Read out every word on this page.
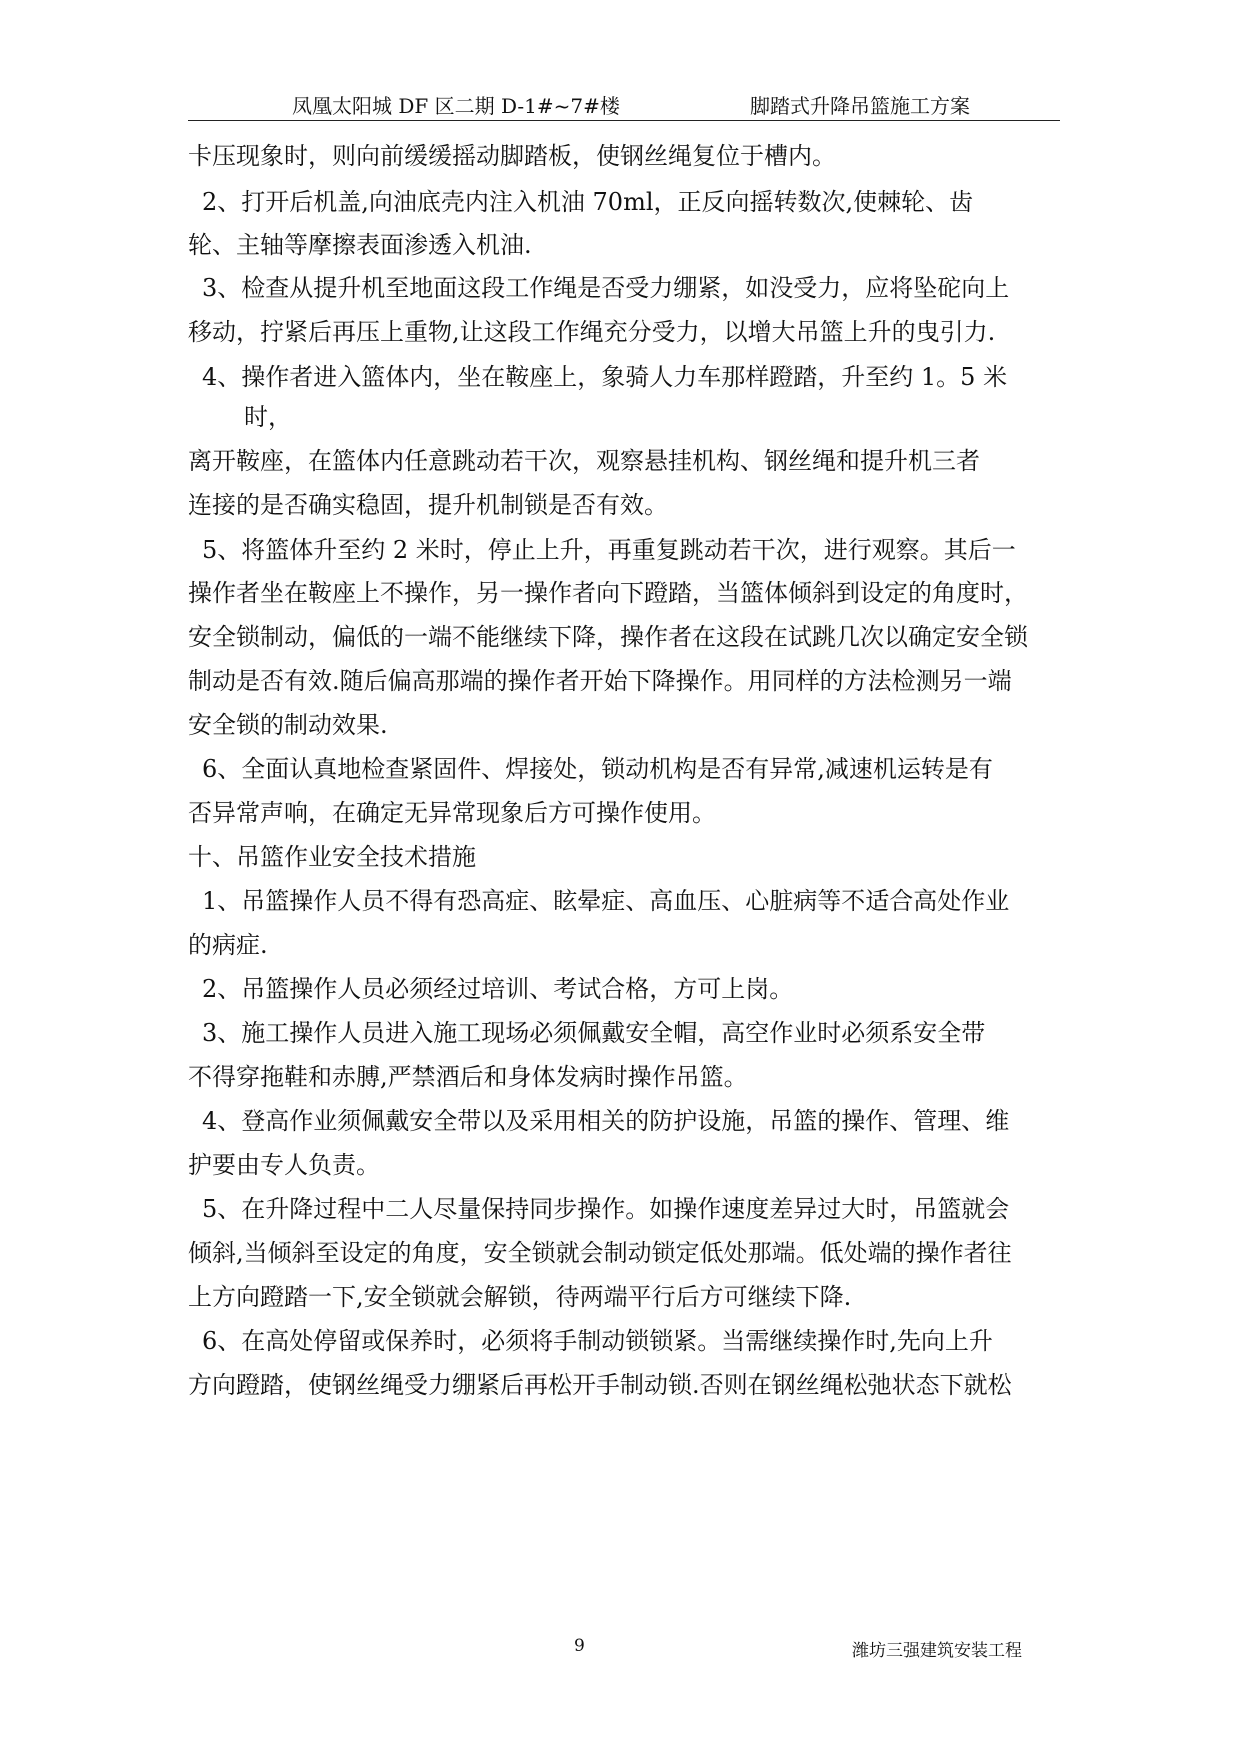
凤凰太阳城 DF 区二期 D-1#~7#楼	脚踏式升降吊篮施工方案
卡压现象时，则向前缓缓摇动脚踏板，使钢丝绳复位于槽内。
2、打开后机盖,向油底壳内注入机油 70ml，正反向摇转数次,使棘轮、齿
轮、主轴等摩擦表面渗透入机油.
3、检查从提升机至地面这段工作绳是否受力绷紧，如没受力，应将坠砣向上
移动，拧紧后再压上重物,让这段工作绳充分受力，以增大吊篮上升的曳引力.
4、操作者进入篮体内，坐在鞍座上，象骑人力车那样蹬踏，升至约 1。5 米
时，
离开鞍座，在篮体内任意跳动若干次，观察悬挂机构、钢丝绳和提升机三者
连接的是否确实稳固，提升机制锁是否有效。
5、将篮体升至约 2 米时，停止上升，再重复跳动若干次，进行观察。其后一
操作者坐在鞍座上不操作，另一操作者向下蹬踏，当篮体倾斜到设定的角度时，
安全锁制动，偏低的一端不能继续下降，操作者在这段在试跳几次以确定安全锁
制动是否有效.随后偏高那端的操作者开始下降操作。用同样的方法检测另一端
安全锁的制动效果.
6、全面认真地检查紧固件、焊接处，锁动机构是否有异常,减速机运转是有
否异常声响，在确定无异常现象后方可操作使用。
十、吊篮作业安全技术措施
1、吊篮操作人员不得有恐高症、眩晕症、高血压、心脏病等不适合高处作业
的病症.
2、吊篮操作人员必须经过培训、考试合格，方可上岗。
3、施工操作人员进入施工现场必须佩戴安全帽，高空作业时必须系安全带
不得穿拖鞋和赤膊,严禁酒后和身体发病时操作吊篮。
4、登高作业须佩戴安全带以及采用相关的防护设施，吊篮的操作、管理、维
护要由专人负责。
5、在升降过程中二人尽量保持同步操作。如操作速度差异过大时，吊篮就会
倾斜,当倾斜至设定的角度，安全锁就会制动锁定低处那端。低处端的操作者往
上方向蹬踏一下,安全锁就会解锁，待两端平行后方可继续下降.
6、在高处停留或保养时，必须将手制动锁锁紧。当需继续操作时,先向上升
方向蹬踏，使钢丝绳受力绷紧后再松开手制动锁.否则在钢丝绳松弛状态下就松
9	潍坊三强建筑安装工程
